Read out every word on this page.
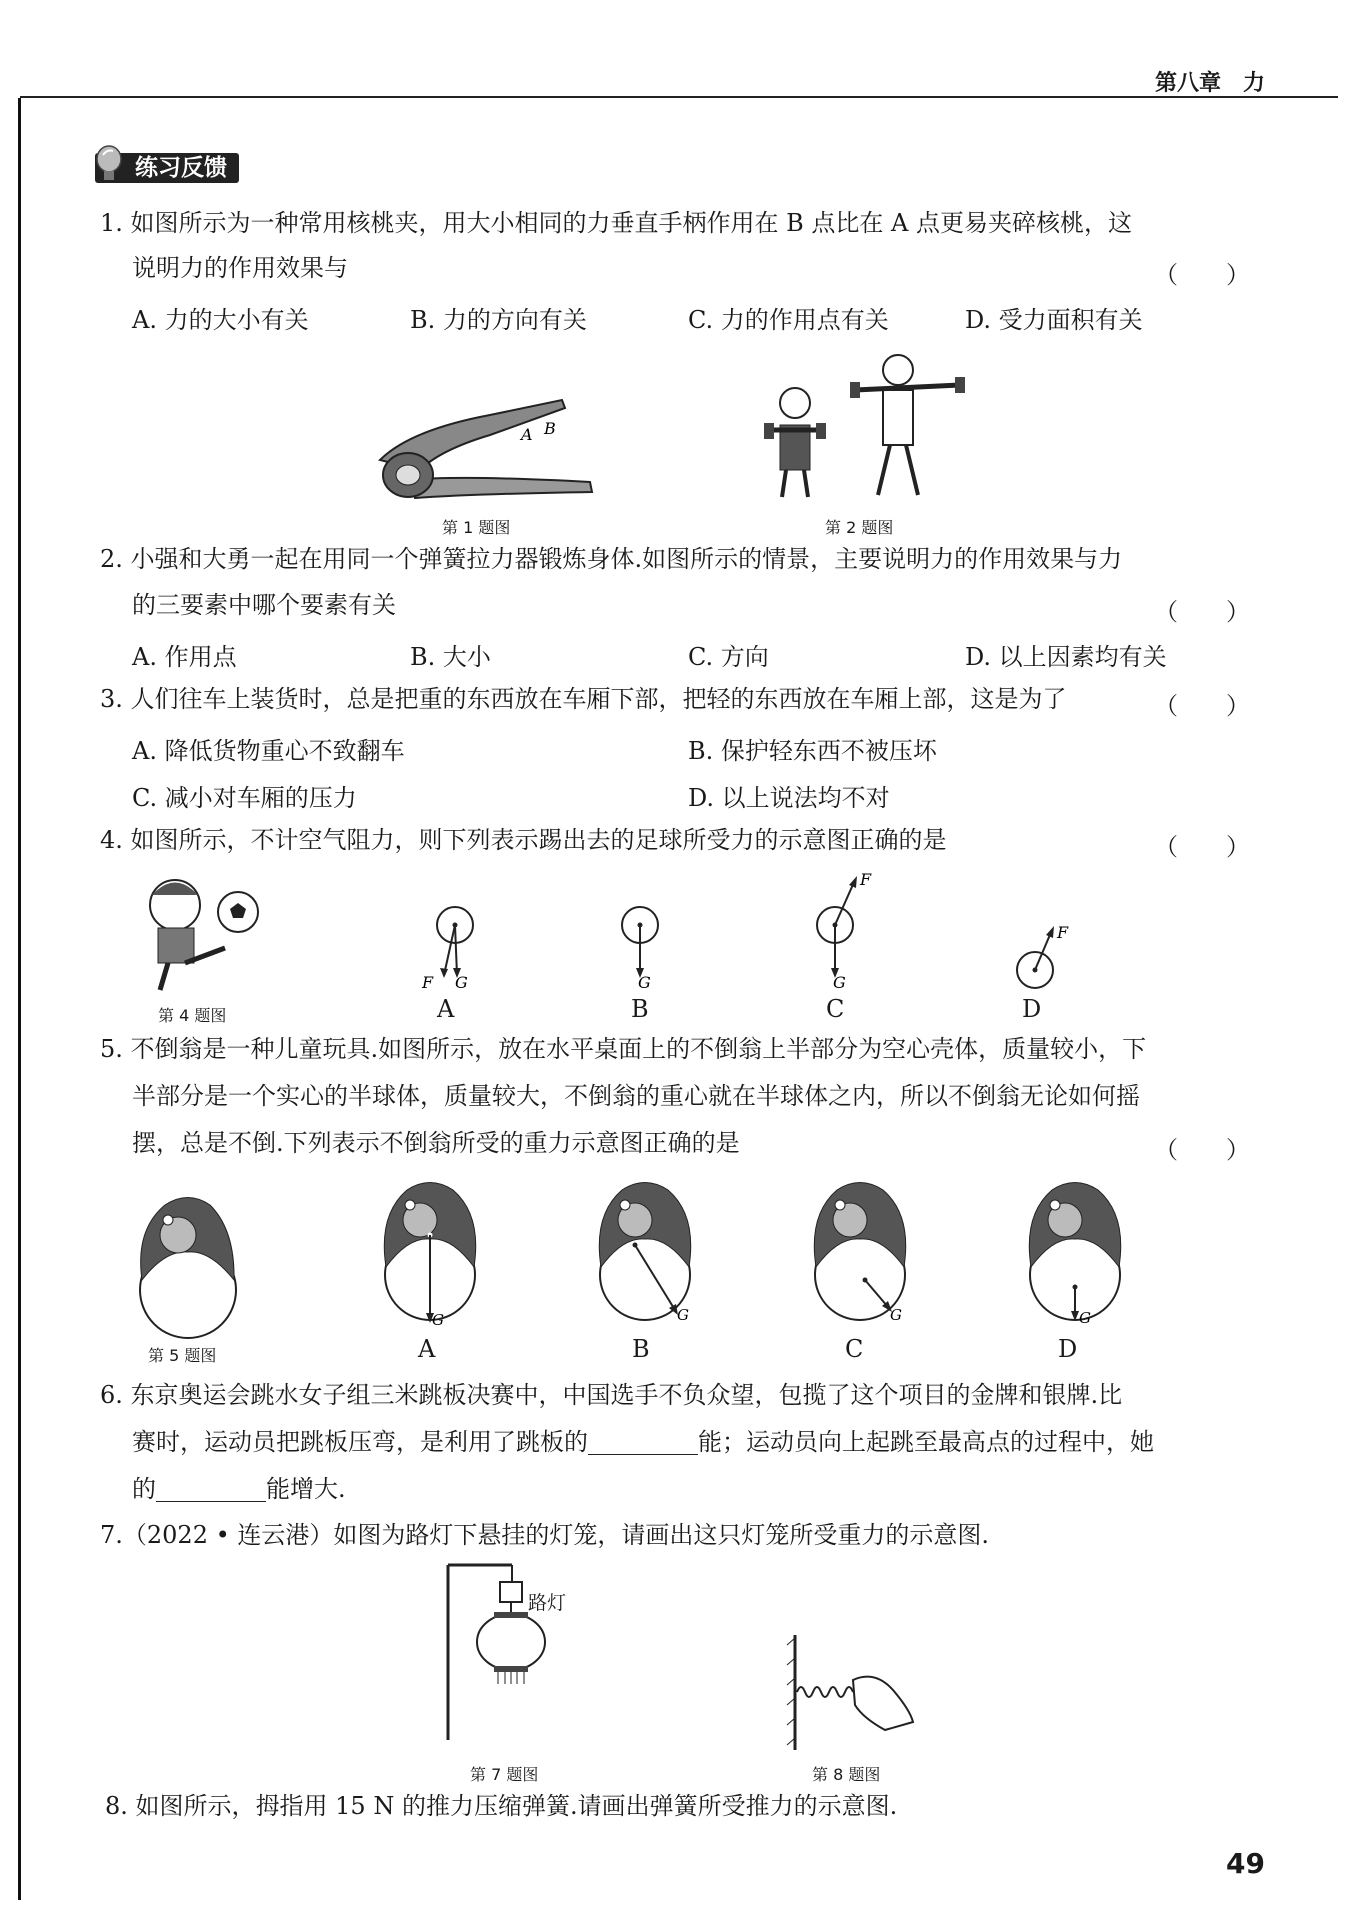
第八章　力
练习反馈
1. 如图所示为一种常用核桃夹，用大小相同的力垂直手柄作用在 B 点比在 A 点更易夹碎核桃，这
说明力的作用效果与	（　　）
A. 力的大小有关	B. 力的方向有关	C. 力的作用点有关	D. 受力面积有关
A B
第 1 题图	第 2 题图
2. 小强和大勇一起在用同一个弹簧拉力器锻炼身体.如图所示的情景，主要说明力的作用效果与力
的三要素中哪个要素有关	（　　）
A. 作用点	B. 大小	C. 方向	D. 以上因素均有关
3. 人们往车上装货时，总是把重的东西放在车厢下部，把轻的东西放在车厢上部，这是为了	（　　）
A. 降低货物重心不致翻车	B. 保护轻东西不被压坏
C. 减小对车厢的压力	D. 以上说法均不对
4. 如图所示，不计空气阻力，则下列表示踢出去的足球所受力的示意图正确的是	（　　）
第 4 题图
F G
A
G
B
F
G
C
F
D
5. 不倒翁是一种儿童玩具.如图所示，放在水平桌面上的不倒翁上半部分为空心壳体，质量较小，下
半部分是一个实心的半球体，质量较大，不倒翁的重心就在半球体之内，所以不倒翁无论如何摇
摆，总是不倒.下列表示不倒翁所受的重力示意图正确的是	（　　）
第 5 题图
G
A
G
B
G
C
G
D
6. 东京奥运会跳水女子组三米跳板决赛中，中国选手不负众望，包揽了这个项目的金牌和银牌.比
赛时，运动员把跳板压弯，是利用了跳板的	能；运动员向上起跳至最高点的过程中，她
的	能增大.
7.（2022 • 连云港）如图为路灯下悬挂的灯笼，请画出这只灯笼所受重力的示意图.
路灯
第 7 题图	第 8 题图
8. 如图所示，拇指用 15 N 的推力压缩弹簧.请画出弹簧所受推力的示意图.
49
